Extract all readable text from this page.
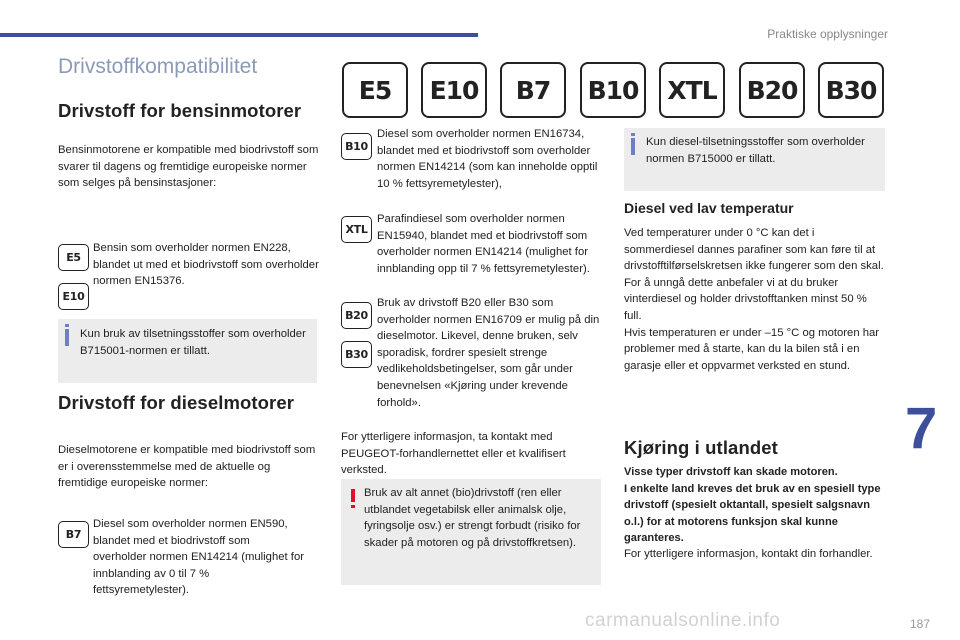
Praktiske opplysninger
Drivstoffkompatibilitet
E5	E10	B7	B10	XTL	B20	B30
Drivstoff for bensinmotorer
Bensinmotorene er kompatible med biodrivstoff som svarer til dagens og fremtidige europeiske normer som selges på bensinstasjoner:
E5
E10
Bensin som overholder normen EN228, blandet ut med et biodrivstoff som overholder normen EN15376.
Kun bruk av tilsetningsstoffer som overholder B715001-normen er tillatt.
Drivstoff for dieselmotorer
Dieselmotorene er kompatible med biodrivstoff som er i overensstemmelse med de aktuelle og fremtidige europeiske normer:
B7
Diesel som overholder normen EN590, blandet med et biodrivstoff som overholder normen EN14214 (mulighet for innblanding av 0 til 7 % fettsyremetylester).
B10
Diesel som overholder normen EN16734, blandet med et biodrivstoff som overholder normen EN14214 (som kan inneholde opptil 10 % fettsyremetylester),
XTL
Parafindiesel som overholder normen EN15940, blandet med et biodrivstoff som overholder normen EN14214 (mulighet for innblanding opp til 7 % fettsyremetylester).
B20
B30
Bruk av drivstoff B20 eller B30 som overholder normen EN16709 er mulig på din dieselmotor. Likevel, denne bruken, selv sporadisk, fordrer spesielt strenge vedlikeholdsbetingelser, som går under benevnelsen «Kjøring under krevende forhold».
For ytterligere informasjon, ta kontakt med PEUGEOT-forhandlernettet eller et kvalifisert verksted.
Bruk av alt annet (bio)drivstoff (ren eller utblandet vegetabilsk eller animalsk olje, fyringsolje osv.) er strengt forbudt (risiko for skader på motoren og på drivstoffkretsen).
Kun diesel-tilsetningsstoffer som overholder normen B715000 er tillatt.
Diesel ved lav temperatur
Ved temperaturer under 0 °C kan det i sommerdiesel dannes parafiner som kan føre til at drivstofftilførselskretsen ikke fungerer som den skal. For å unngå dette anbefaler vi at du bruker vinterdiesel og holder drivstofftanken minst 50 % full.
Hvis temperaturen er under –15 °C og motoren har problemer med å starte, kan du la bilen stå i en garasje eller et oppvarmet verksted en stund.
Kjøring i utlandet
Visse typer drivstoff kan skade motoren.
I enkelte land kreves det bruk av en spesiell type drivstoff (spesielt oktantall, spesielt salgsnavn o.l.) for at motorens funksjon skal kunne garanteres.
For ytterligere informasjon, kontakt din forhandler.
7
carmanualsonline.info	187
